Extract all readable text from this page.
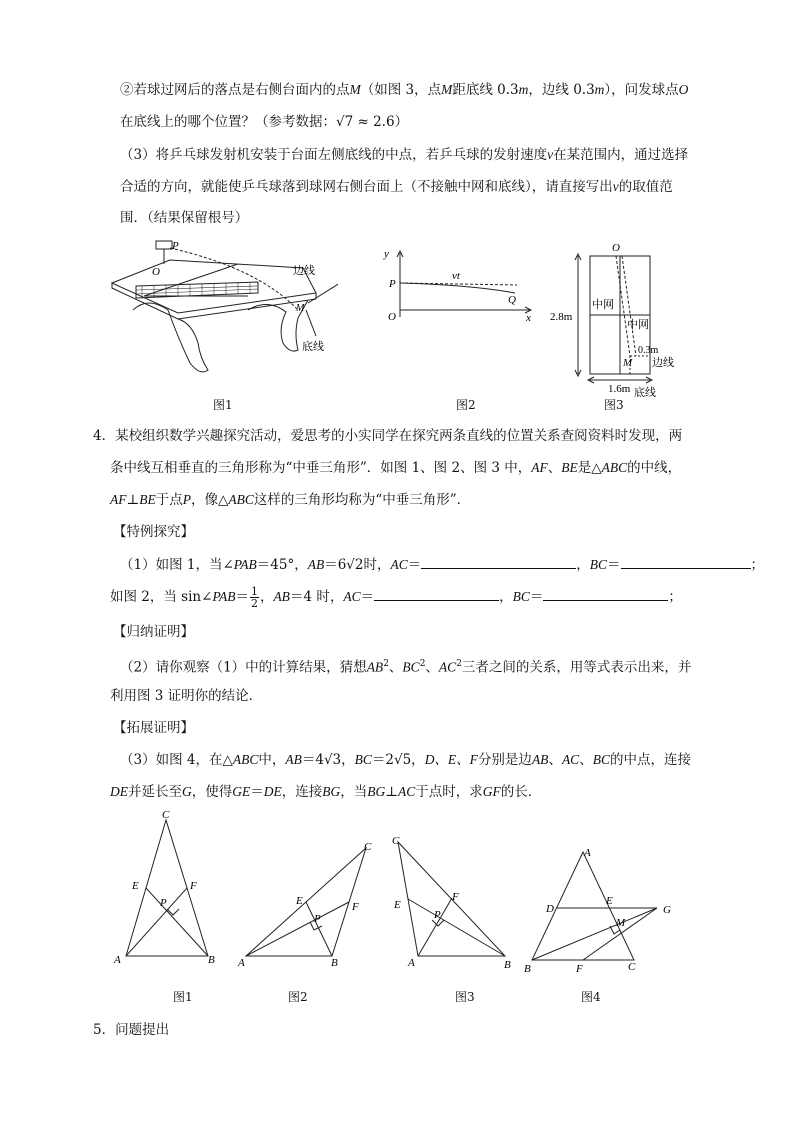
②若球过网后的落点是右侧台面内的点M（如图 3，点M距底线 0.3m，边线 0.3m），问发球点O
在底线上的哪个位置？（参考数据：√7 ≈ 2.6）
（3）将乒乓球发射机安装于台面左侧底线的中点，若乒乓球的发射速度v在某范围内，通过选择
合适的方向，就能使乒乓球落到球网右侧台面上（不接触中网和底线），请直接写出v的取值范
围．（结果保留根号）
P
O
M
边线
底线
图1
y
x
P
O
Q
vt
图2
O
M
中网
中网
2.8m
1.6m 底线
边线
0.3m
图3
4．某校组织数学兴趣探究活动，爱思考的小实同学在探究两条直线的位置关系查阅资料时发现，两
条中线互相垂直的三角形称为“中垂三角形”．如图 1、图 2、图 3 中，AF、BE是△ABC的中线，
AF⊥BE于点P，像△ABC这样的三角形均称为“中垂三角形”．
【特例探究】
（1）如图 1，当∠PAB＝45°，AB＝6√2时，AC＝	，BC＝	；
如图 2，当 sin∠PAB＝ $\frac{1}{2}$ ，AB＝4 时，AC＝	，BC＝	；
【归纳证明】
（2）请你观察（1）中的计算结果，猜想$AB^2$、$BC^2$、$AC^2$三者之间的关系，用等式表示出来，并
利用图 3 证明你的结论．
【拓展证明】
（3）如图 4，在△ABC中，AB＝4√3，BC＝2√5，D、E、F分别是边AB、AC、BC的中点，连接
DE并延长至G，使得GE＝DE，连接BG，当BG⊥AC于点时，求GF的长．
C
A	B
E	F
P
图1
C
A	B
E	F
P
图2
C
A	B
E
F
P
图3
A
B	C
D
E
F
G
M
图4
5．问题提出
